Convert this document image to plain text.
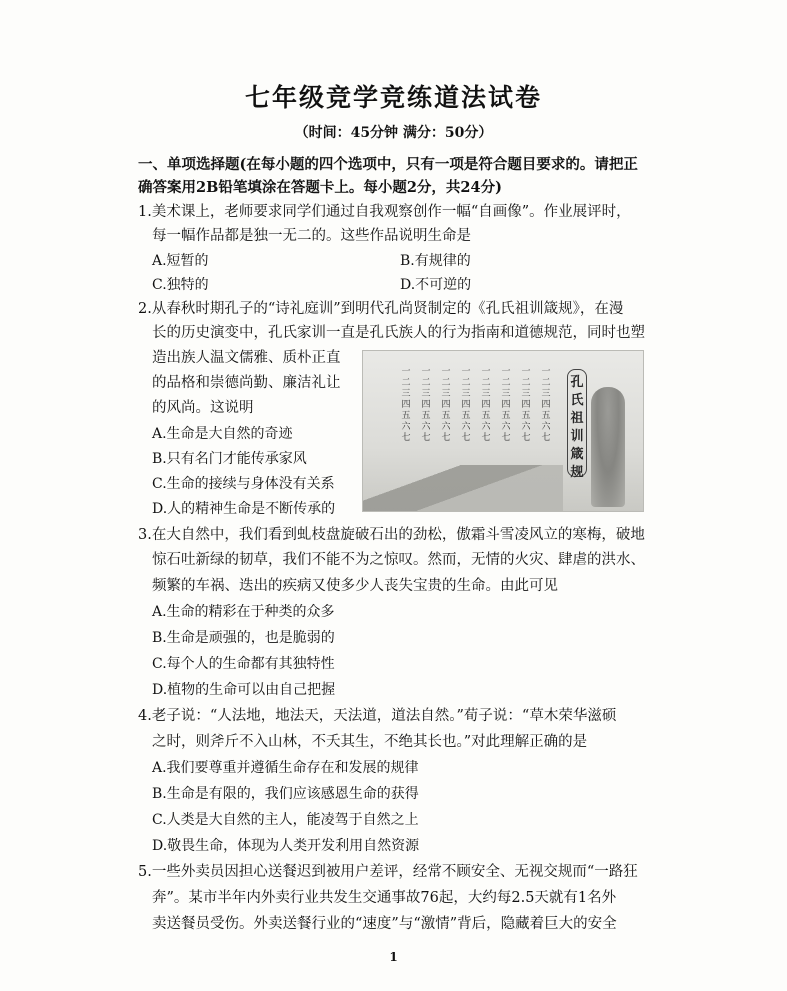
七年级竞学竞练道法试卷
（时间：45分钟 满分：50分）
一、单项选择题(在每小题的四个选项中，只有一项是符合题目要求的。请把正
确答案用2B铅笔填涂在答题卡上。每小题2分，共24分)
1.美术课上，老师要求同学们通过自我观察创作一幅“自画像”。作业展评时，
每一幅作品都是独一无二的。这些作品说明生命是
A.短暂的	B.有规律的
C.独特的	D.不可逆的
2.从春秋时期孔子的“诗礼庭训”到明代孔尚贤制定的《孔氏祖训箴规》，在漫
长的历史演变中，孔氏家训一直是孔氏族人的行为指南和道德规范，同时也塑
造出族人温文儒雅、质朴正直
的品格和崇德尚勤、廉洁礼让
的风尚。这说明
A.生命是大自然的奇迹
B.只有名门才能传承家风
C.生命的接续与身体没有关系
D.人的精神生命是不断传承的
一二三四五六七
一二三四五六七
一二三四五六七
一二三四五六七
一二三四五六七
一二三四五六七
一二三四五六七
一二三四五六七
孔氏祖训箴规
3.在大自然中，我们看到虬枝盘旋破石出的劲松，傲霜斗雪凌风立的寒梅，破地
惊石吐新绿的韧草，我们不能不为之惊叹。然而，无情的火灾、肆虐的洪水、
频繁的车祸、迭出的疾病又使多少人丧失宝贵的生命。由此可见
A.生命的精彩在于种类的众多
B.生命是顽强的，也是脆弱的
C.每个人的生命都有其独特性
D.植物的生命可以由自己把握
4.老子说：“人法地，地法天，天法道，道法自然。”荀子说：“草木荣华滋硕
之时，则斧斤不入山林，不夭其生，不绝其长也。”对此理解正确的是
A.我们要尊重并遵循生命存在和发展的规律
B.生命是有限的，我们应该感恩生命的获得
C.人类是大自然的主人，能凌驾于自然之上
D.敬畏生命，体现为人类开发利用自然资源
5.一些外卖员因担心送餐迟到被用户差评，经常不顾安全、无视交规而“一路狂
奔”。某市半年内外卖行业共发生交通事故76起，大约每2.5天就有1名外
卖送餐员受伤。外卖送餐行业的“速度”与“激情”背后，隐藏着巨大的安全
1
